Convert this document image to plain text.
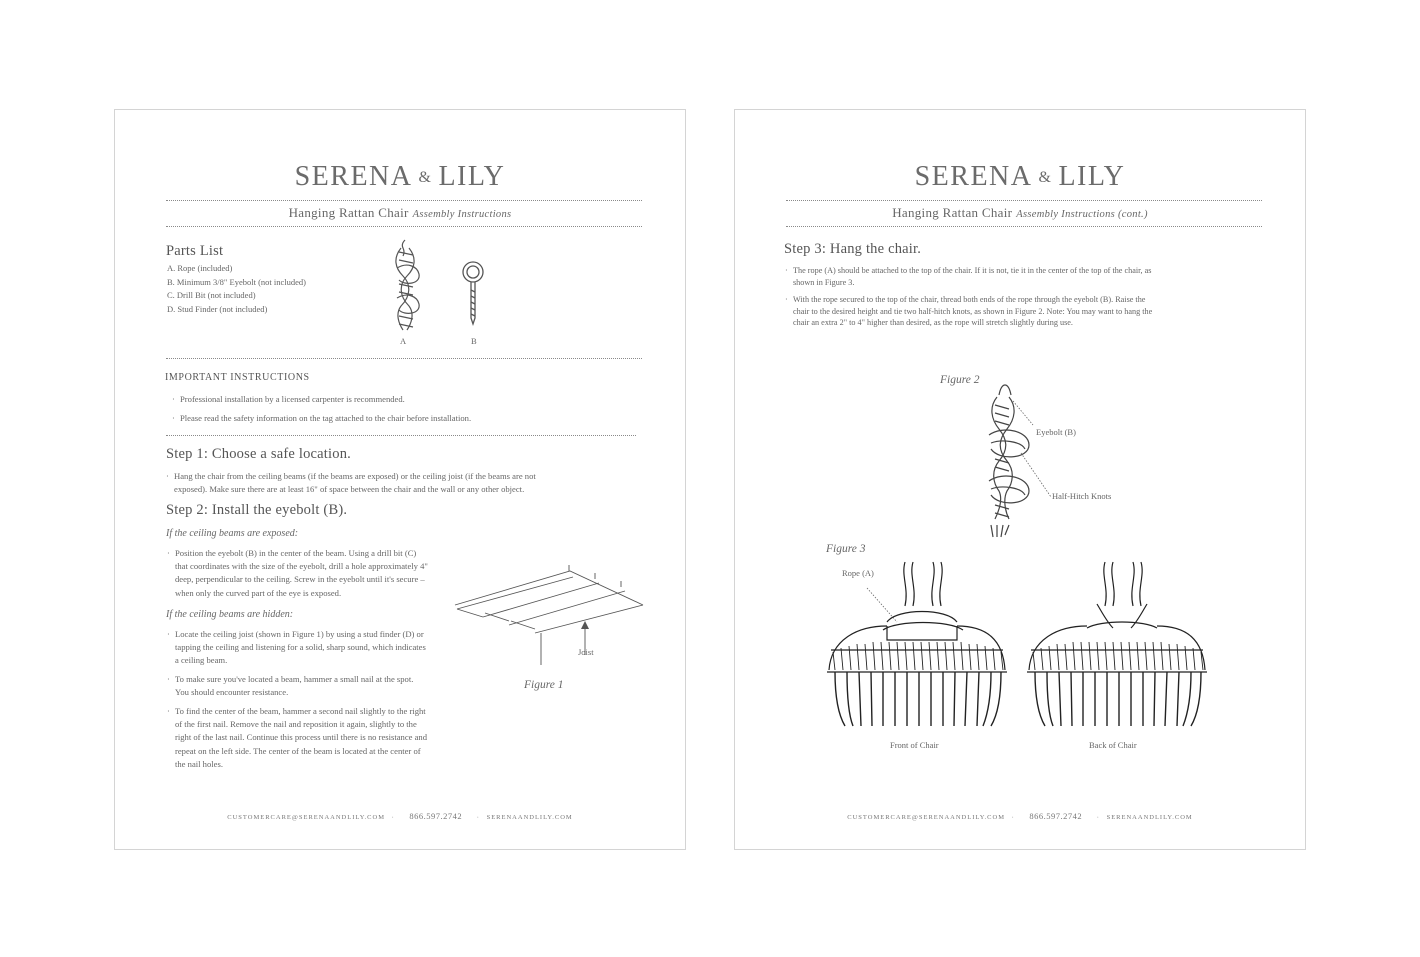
SERENA & LILY
Hanging Rattan Chair Assembly Instructions
Parts List
A. Rope (included)
B. Minimum 3/8" Eyebolt (not included)
C. Drill Bit (not included)
D. Stud Finder (not included)
A	B
IMPORTANT INSTRUCTIONS
· Professional installation by a licensed carpenter is recommended.
· Please read the safety information on the tag attached to the chair before installation.
Step 1: Choose a safe location.
· Hang the chair from the ceiling beams (if the beams are exposed) or the ceiling joist (if the beams are not
exposed). Make sure there are at least 16" of space between the chair and the wall or any other object.
Step 2: Install the eyebolt (B).
If the ceiling beams are exposed:
· Position the eyebolt (B) in the center of the beam. Using a drill bit (C)
that coordinates with the size of the eyebolt, drill a hole approximately 4"
deep, perpendicular to the ceiling. Screw in the eyebolt until it's secure –
when only the curved part of the eye is exposed.
If the ceiling beams are hidden:
· Locate the ceiling joist (shown in Figure 1) by using a stud finder (D) or
tapping the ceiling and listening for a solid, sharp sound, which indicates
a ceiling beam.
· To make sure you've located a beam, hammer a small nail at the spot.
You should encounter resistance.
· To find the center of the beam, hammer a second nail slightly to the right
of the first nail. Remove the nail and reposition it again, slightly to the
right of the last nail. Continue this process until there is no resistance and
repeat on the left side. The center of the beam is located at the center of
the nail holes.
Joist
Figure 1
CUSTOMERCARE@SERENAANDLILY.COM · 866.597.2742 · SERENAANDLILY.COM
SERENA & LILY
Hanging Rattan Chair Assembly Instructions (cont.)
Step 3: Hang the chair.
· The rope (A) should be attached to the top of the chair. If it is not, tie it in the center of the top of the chair, as
shown in Figure 3.
· With the rope secured to the top of the chair, thread both ends of the rope through the eyebolt (B). Raise the
chair to the desired height and tie two half-hitch knots, as shown in Figure 2. Note: You may want to hang the
chair an extra 2" to 4" higher than desired, as the rope will stretch slightly during use.
Figure 2
Eyebolt (B)
Half-Hitch Knots
Figure 3
Rope (A)
Front of Chair	Back of Chair
CUSTOMERCARE@SERENAANDLILY.COM · 866.597.2742 · SERENAANDLILY.COM
